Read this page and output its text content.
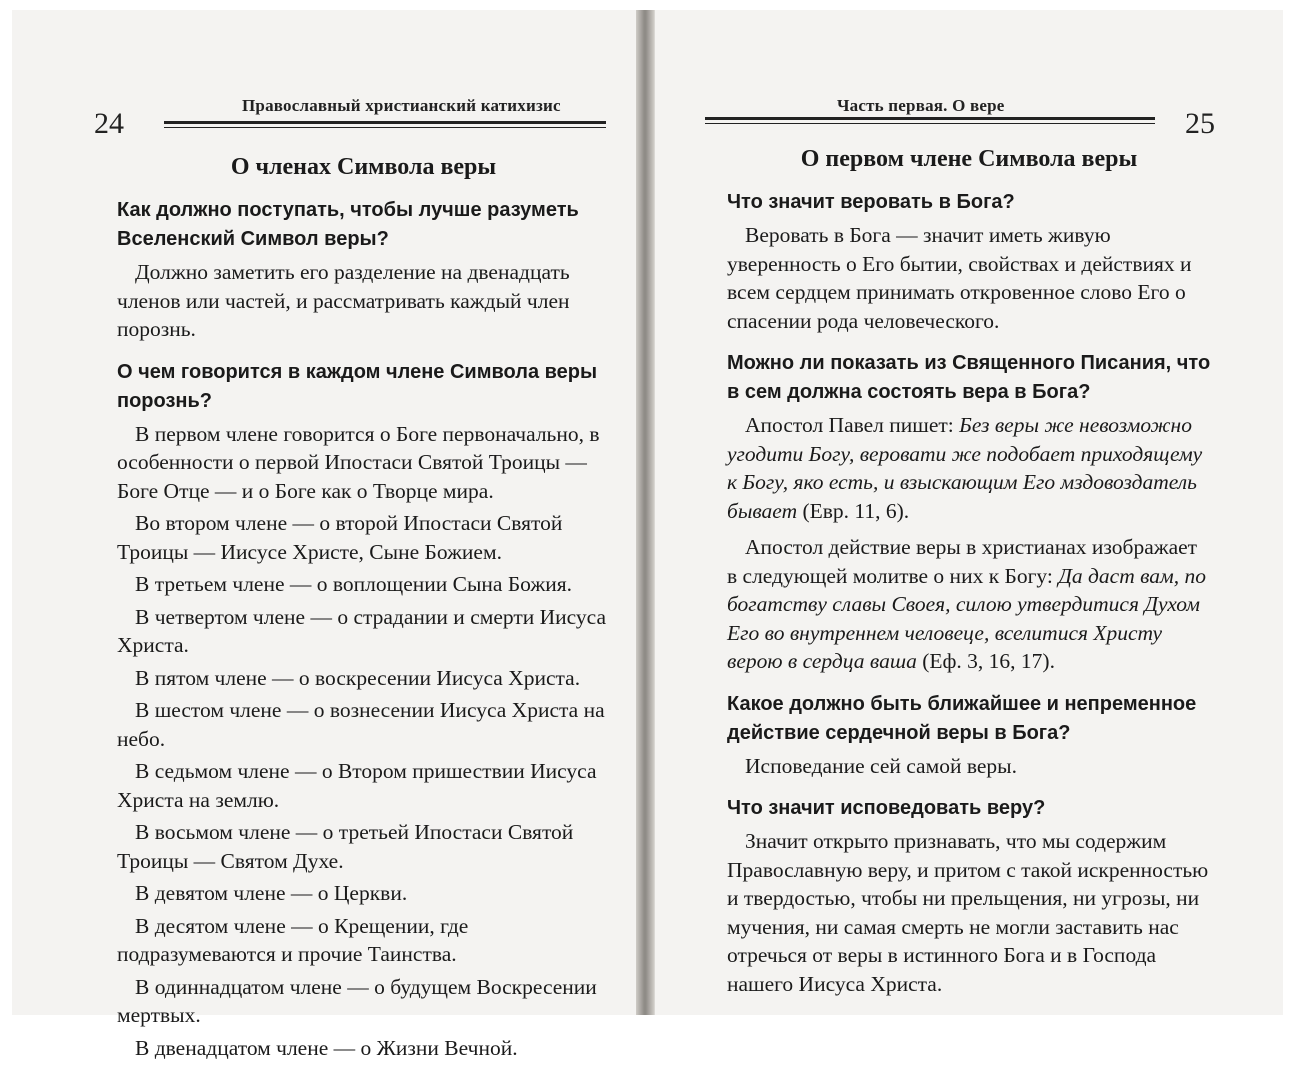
24
Православный христианский катихизис
О членах Символа веры
Как должно поступать, чтобы лучше разуметь Вселенский Символ веры?
Должно заметить его разделение на двенадцать членов или частей, и рассматривать каждый член порознь.
О чем говорится в каждом члене Символа веры порознь?
В первом члене говорится о Боге первоначально, в особенности о первой Ипостаси Святой Троицы — Боге Отце — и о Боге как о Творце мира.
Во втором члене — о второй Ипостаси Святой Троицы — Иисусе Христе, Сыне Божием.
В третьем члене — о воплощении Сына Божия.
В четвертом члене — о страдании и смерти Иисуса Христа.
В пятом члене — о воскресении Иисуса Христа.
В шестом члене — о вознесении Иисуса Христа на небо.
В седьмом члене — о Втором пришествии Иисуса Христа на землю.
В восьмом члене — о третьей Ипостаси Святой Троицы — Святом Духе.
В девятом члене — о Церкви.
В десятом члене — о Крещении, где подразумеваются и прочие Таинства.
В одиннадцатом члене — о будущем Воскресении мертвых.
В двенадцатом члене — о Жизни Вечной.
Часть первая. О вере
25
О первом члене Символа веры
Что значит веровать в Бога?
Веровать в Бога — значит иметь живую уверенность о Его бытии, свойствах и действиях и всем сердцем принимать откровенное слово Его о спасении рода человеческого.
Можно ли показать из Священного Писания, что в сем должна состоять вера в Бога?
Апостол Павел пишет: Без веры же невозможно угодити Богу, веровати же подобает приходящему к Богу, яко есть, и взыскающим Его мздовоздатель бывает (Евр. 11, 6).
Апостол действие веры в христианах изображает в следующей молитве о них к Богу: Да даст вам, по богатству славы Своея, силою утвердитися Духом Его во внутреннем человеце, вселитися Христу верою в сердца ваша (Еф. 3, 16, 17).
Какое должно быть ближайшее и непременное действие сердечной веры в Бога?
Исповедание сей самой веры.
Что значит исповедовать веру?
Значит открыто признавать, что мы содержим Православную веру, и притом с такой искренностью и твердостью, чтобы ни прельщения, ни угрозы, ни мучения, ни самая смерть не могли заставить нас отречься от веры в истинного Бога и в Господа нашего Иисуса Христа.
